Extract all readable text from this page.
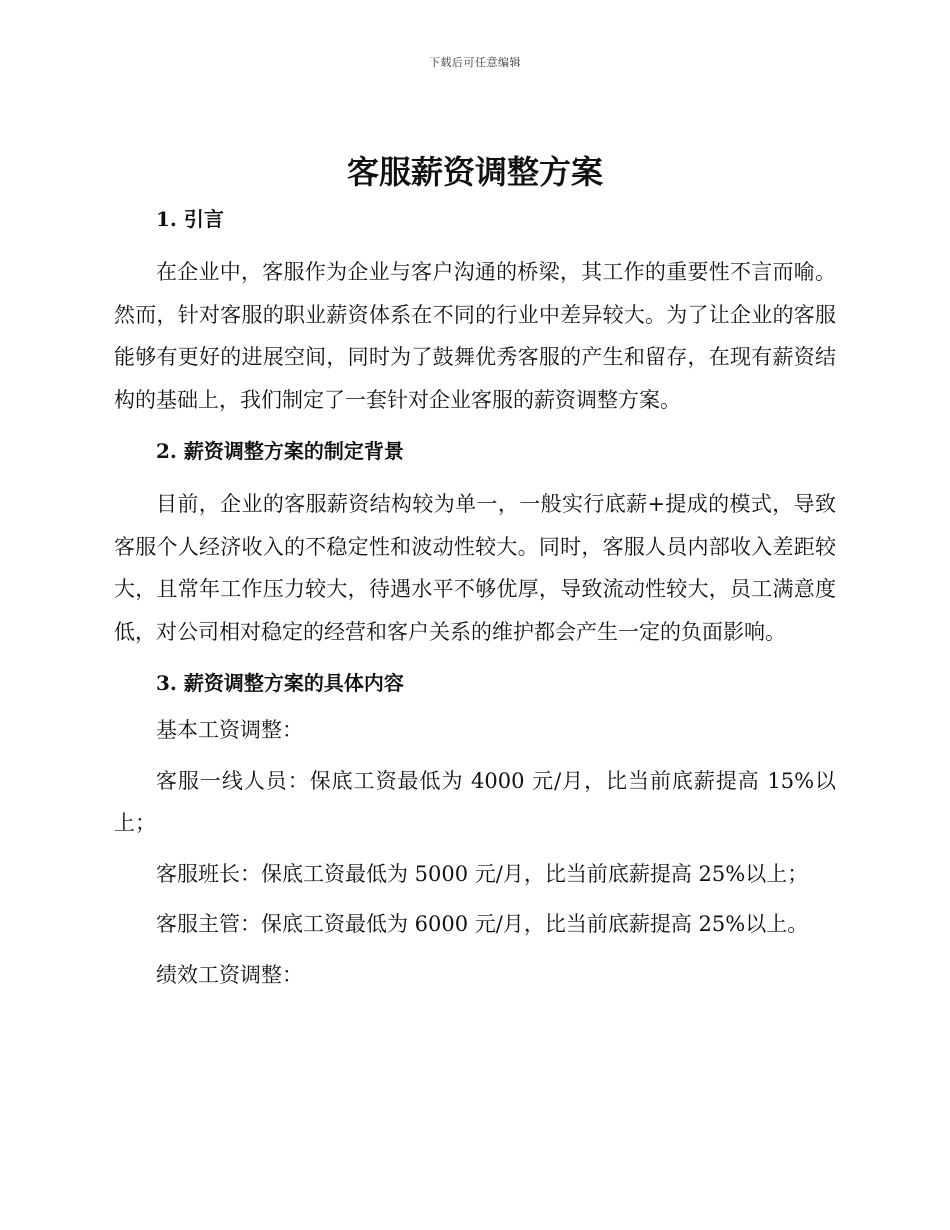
下载后可任意编辑
客服薪资调整方案
1. 引言

在企业中，客服作为企业与客户沟通的桥梁，其工作的重要性不言而喻。然而，针对客服的职业薪资体系在不同的行业中差异较大。为了让企业的客服能够有更好的进展空间，同时为了鼓舞优秀客服的产生和留存，在现有薪资结构的基础上，我们制定了一套针对企业客服的薪资调整方案。

2. 薪资调整方案的制定背景

目前，企业的客服薪资结构较为单一，一般实行底薪+提成的模式，导致客服个人经济收入的不稳定性和波动性较大。同时，客服人员内部收入差距较大，且常年工作压力较大，待遇水平不够优厚，导致流动性较大，员工满意度低，对公司相对稳定的经营和客户关系的维护都会产生一定的负面影响。

3. 薪资调整方案的具体内容

基本工资调整：

客服一线人员：保底工资最低为 4000 元/月，比当前底薪提高 15%以上；

客服班长：保底工资最低为 5000 元/月，比当前底薪提高 25%以上；

客服主管：保底工资最低为 6000 元/月，比当前底薪提高 25%以上。

绩效工资调整：
